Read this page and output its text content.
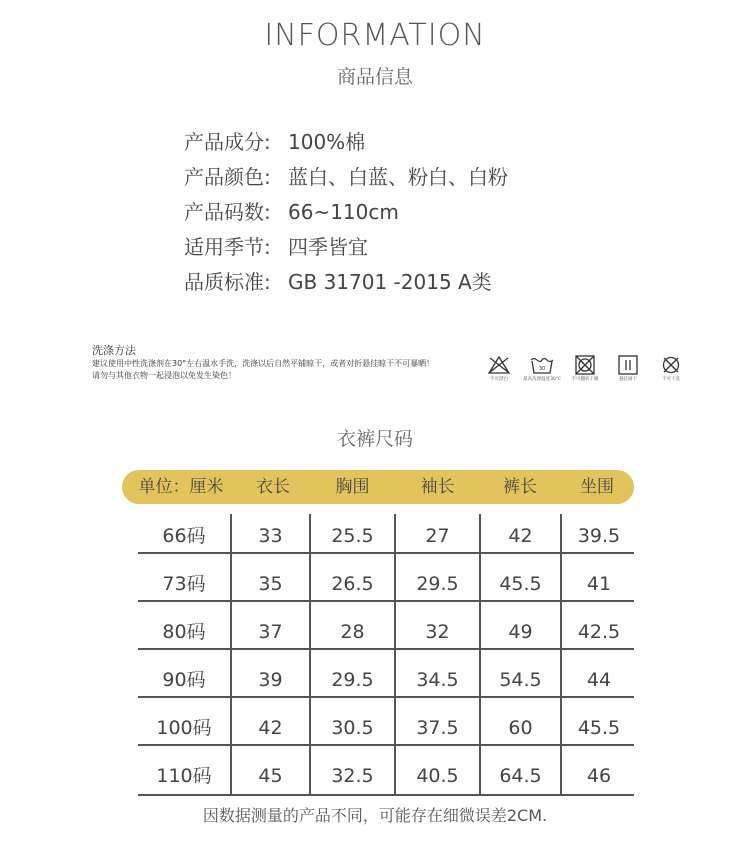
INFORMATION
商品信息
产品成分: 100%棉
产品颜色: 蓝白、白蓝、粉白、白粉
产品码数: 66~110cm
适用季节: 四季皆宜
品质标准: GB 31701 -2015 A类
洗涤方法
建议使用中性洗涤剂在30°左右温水手洗，洗涤以后自然平铺晾干，或者对折悬挂晾干不可暴晒！
请勿与其他衣物一起浸泡以免发生染色！	不可漂白
30
最高洗涤温度30℃	不可翻转干燥	悬挂滴干	不可干洗
衣裤尺码
单位：厘米	衣长	胸围	袖长	裤长	坐围
66码	33	25.5	27	42	39.5
73码	35	26.5	29.5	45.5	41
80码	37	28	32	49	42.5
90码	39	29.5	34.5	54.5	44
100码	42	30.5	37.5	60	45.5
110码	45	32.5	40.5	64.5	46
因数据测量的产品不同，可能存在细微误差2CM.
